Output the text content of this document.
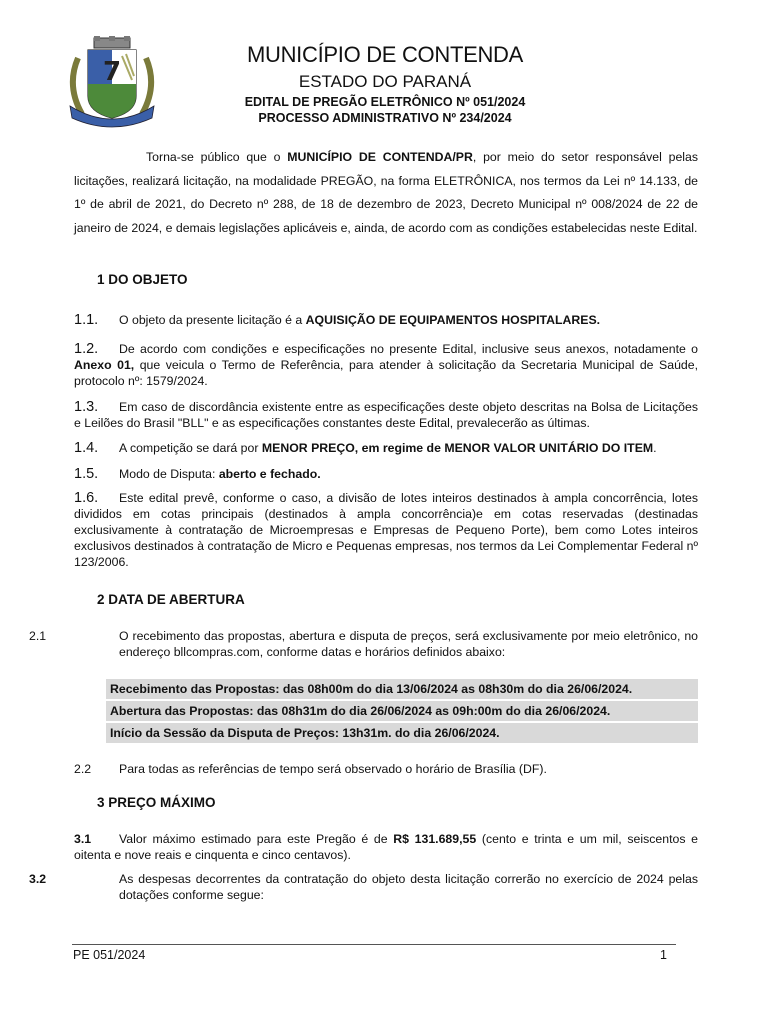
7
MUNICÍPIO DE CONTENDA
ESTADO DO PARANÁ
EDITAL DE PREGÃO ELETRÔNICO Nº 051/2024
PROCESSO ADMINISTRATIVO Nº 234/2024
Torna-se público que o MUNICÍPIO DE CONTENDA/PR, por meio do setor responsável pelas licitações, realizará licitação, na modalidade PREGÃO, na forma ELETRÔNICA, nos termos da Lei nº 14.133, de 1º de abril de 2021, do Decreto nº 288, de 18 de dezembro de 2023, Decreto Municipal nº 008/2024 de 22 de janeiro de 2024, e demais legislações aplicáveis e, ainda, de acordo com as condições estabelecidas neste Edital.
1 DO OBJETO
1.1. O objeto da presente licitação é a AQUISIÇÃO DE EQUIPAMENTOS HOSPITALARES.
1.2. De acordo com condições e especificações no presente Edital, inclusive seus anexos, notadamente o Anexo 01, que veicula o Termo de Referência, para atender à solicitação da Secretaria Municipal de Saúde, protocolo nº: 1579/2024.
1.3. Em caso de discordância existente entre as especificações deste objeto descritas na Bolsa de Licitações e Leilões do Brasil "BLL" e as especificações constantes deste Edital, prevalecerão as últimas.
1.4. A competição se dará por MENOR PREÇO, em regime de MENOR VALOR UNITÁRIO DO ITEM.
1.5. Modo de Disputa: aberto e fechado.
1.6. Este edital prevê, conforme o caso, a divisão de lotes inteiros destinados à ampla concorrência, lotes divididos em cotas principais (destinados à ampla concorrência)e em cotas reservadas (destinadas exclusivamente à contratação de Microempresas e Empresas de Pequeno Porte), bem como Lotes inteiros exclusivos destinados à contratação de Micro e Pequenas empresas, nos termos da Lei Complementar Federal nº 123/2006.
2 DATA DE ABERTURA
2.1	O recebimento das propostas, abertura e disputa de preços, será exclusivamente por meio eletrônico, no endereço bllcompras.com, conforme datas e horários definidos abaixo:
Recebimento das Propostas: das 08h00m do dia 13/06/2024 as 08h30m do dia 26/06/2024.
Abertura das Propostas: das 08h31m do dia 26/06/2024 as 09h:00m do dia 26/06/2024.
Início da Sessão da Disputa de Preços: 13h31m. do dia 26/06/2024.
2.2 Para todas as referências de tempo será observado o horário de Brasília (DF).
3 PREÇO MÁXIMO
3.1 Valor máximo estimado para este Pregão é de R$ 131.689,55 (cento e trinta e um mil, seiscentos e oitenta e nove reais e cinquenta e cinco centavos).
3.2	As despesas decorrentes da contratação do objeto desta licitação correrão no exercício de 2024 pelas dotações conforme segue:
PE 051/2024	1
